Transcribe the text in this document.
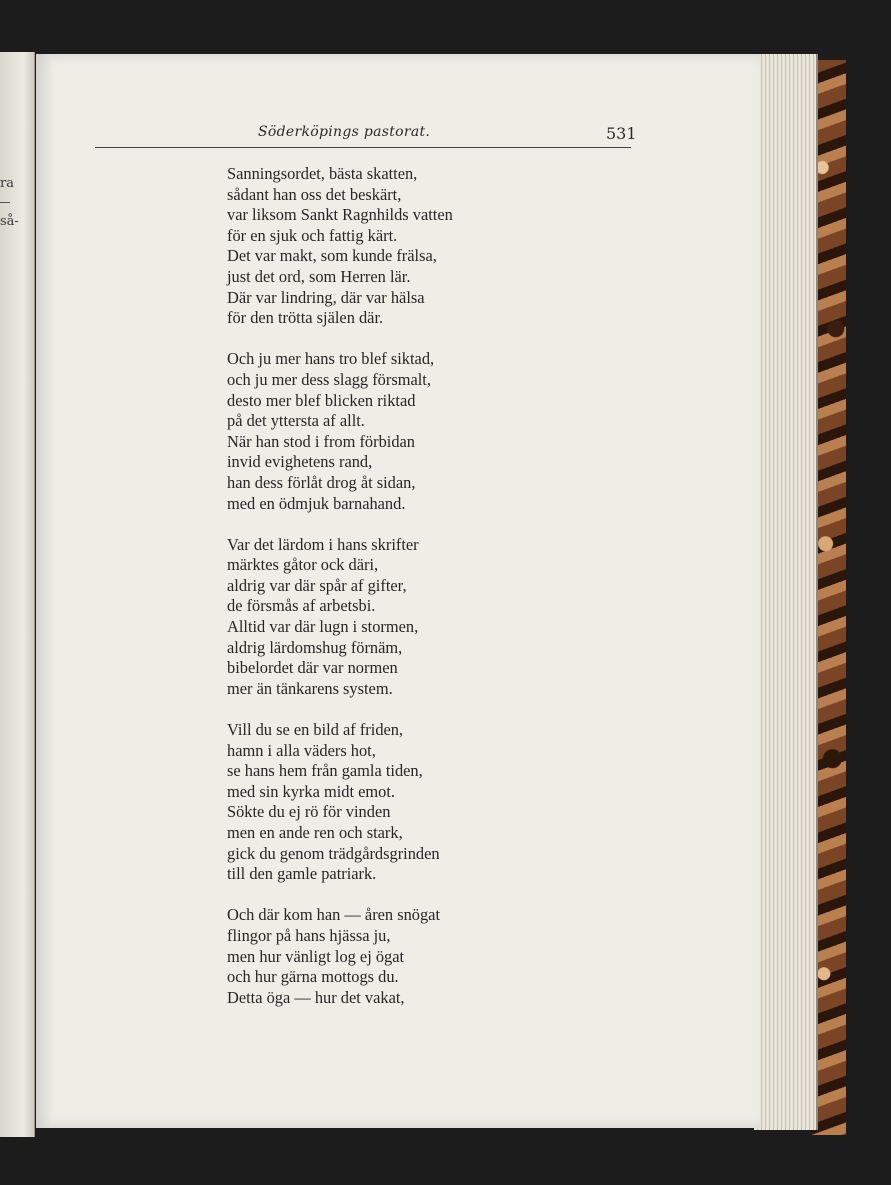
ra
så-
Söderköpings pastorat.	531
Sanningsordet, bästa skatten,
sådant han oss det beskärt,
var liksom Sankt Ragnhilds vatten
för en sjuk och fattig kärt.
Det var makt, som kunde frälsa,
just det ord, som Herren lär.
Där var lindring, där var hälsa
för den trötta själen där.
Och ju mer hans tro blef siktad,
och ju mer dess slagg försmalt,
desto mer blef blicken riktad
på det yttersta af allt.
När han stod i from förbidan
invid evighetens rand,
han dess förlåt drog åt sidan,
med en ödmjuk barnahand.
Var det lärdom i hans skrifter
märktes gåtor ock däri,
aldrig var där spår af gifter,
de försmås af arbetsbi.
Alltid var där lugn i stormen,
aldrig lärdomshug förnäm,
bibelordet där var normen
mer än tänkarens system.
Vill du se en bild af friden,
hamn i alla väders hot,
se hans hem från gamla tiden,
med sin kyrka midt emot.
Sökte du ej rö för vinden
men en ande ren och stark,
gick du genom trädgårdsgrinden
till den gamle patriark.
Och där kom han — åren snögat
flingor på hans hjässa ju,
men hur vänligt log ej ögat
och hur gärna mottogs du.
Detta öga — hur det vakat,
